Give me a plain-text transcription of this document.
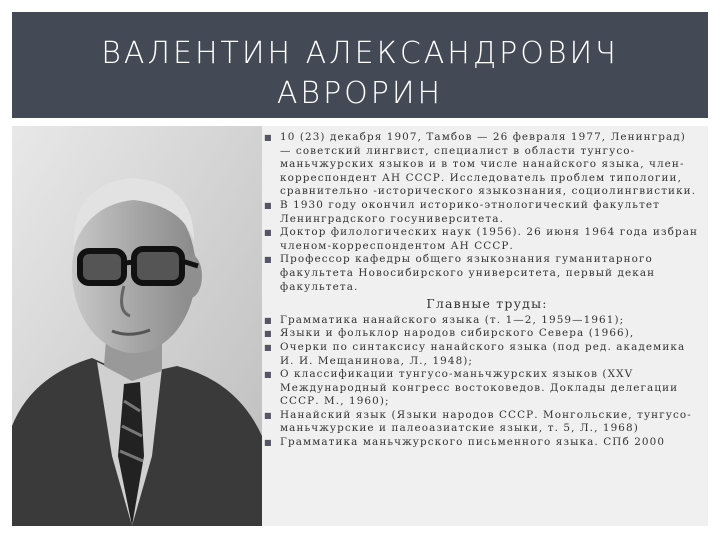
ВАЛЕНТИН АЛЕКСАНДРОВИЧ
АВРОРИН
■ 10 (23) декабря 1907, Тамбов — 26 февраля 1977, Ленинград) — советский лингвист, специалист в области тунгусо-маньчжурских языков и в том числе нанайского языка, член-корреспондент АН СССР. Исследователь проблем типологии, сравнительно -исторического языкознания, социолингвистики.
■ В 1930 году окончил историко-этнологический факультет Ленинградского госуниверситета.
■ Доктор филологических наук (1956). 26 июня 1964 года избран членом-корреспондентом АН СССР.
■ Профессор кафедры общего языкознания гуманитарного факультета Новосибирского университета, первый декан факультета.
Главные труды:
■ Грамматика нанайского языка (т. 1—2, 1959—1961);
■ Языки и фольклор народов сибирского Севера (1966),
■ Очерки по синтаксису нанайского языка (под ред. академика И. И. Мещанинова, Л., 1948);
■ О классификации тунгусо-маньчжурских языков (XXV Международный конгресс востоковедов. Доклады делегации СССР. М., 1960);
■ Нанайский язык (Языки народов СССР. Монгольские, тунгусо-маньчжурские и палеоазиатские языки, т. 5, Л., 1968)
■ Грамматика маньчжурского письменного языка. СПб 2000
